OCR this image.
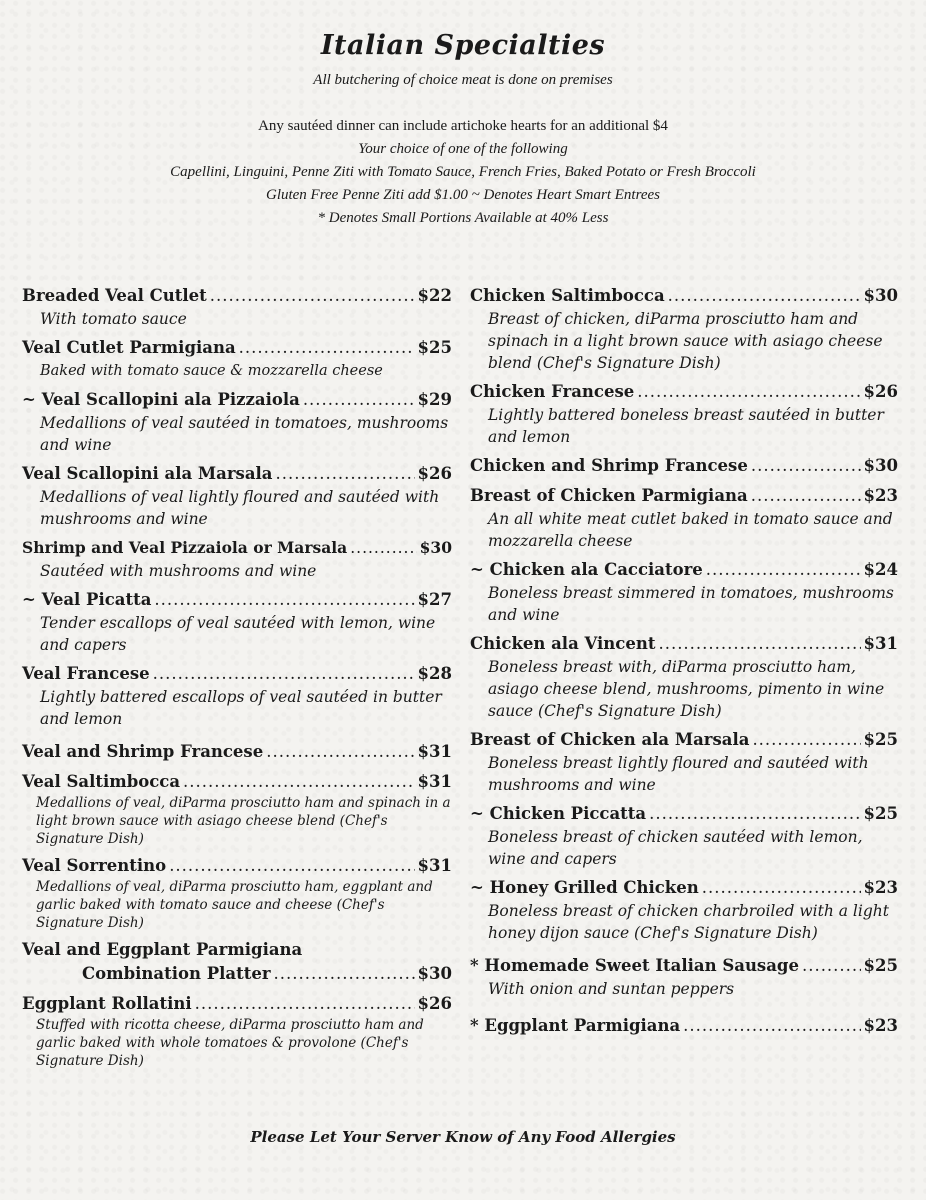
Italian Specialties
All butchering of choice meat is done on premises

Any sautéed dinner can include artichoke hearts for an additional $4
Your choice of one of the following
Capellini, Linguini, Penne Ziti with Tomato Sauce, French Fries, Baked Potato or Fresh Broccoli
Gluten Free Penne Ziti add $1.00 ~ Denotes Heart Smart Entrees
* Denotes Small Portions Available at 40% Less
Breaded Veal Cutlet .....	$22
With tomato sauce
Veal Cutlet Parmigiana .....	$25
Baked with tomato sauce & mozzarella cheese
~ Veal Scallopini ala Pizzaiola .....	$29
Medallions of veal sautéed in tomatoes, mushrooms and wine
Veal Scallopini ala Marsala .....	$26
Medallions of veal lightly floured and sautéed with mushrooms and wine
Shrimp and Veal Pizzaiola or Marsala .....	$30
Sautéed with mushrooms and wine
~ Veal Picatta .....	$27
Tender escallops of veal sautéed with lemon, wine and capers
Veal Francese .....	$28
Lightly battered escallops of veal sautéed in butter and lemon
Veal and Shrimp Francese .....	$31
Veal Saltimbocca .....	$31
Medallions of veal, diParma prosciutto ham and spinach in a light brown sauce with asiago cheese blend (Chef's Signature Dish)
Veal Sorrentino .....	$31
Medallions of veal, diParma prosciutto ham, eggplant and garlic baked with tomato sauce and cheese (Chef's Signature Dish)
Veal and Eggplant Parmigiana
Combination Platter .....	$30
Eggplant Rollatini .....	$26
Stuffed with ricotta cheese, diParma prosciutto ham and garlic baked with whole tomatoes & provolone (Chef's Signature Dish)
Chicken Saltimbocca .....	$30
Breast of chicken, diParma prosciutto ham and spinach in a light brown sauce with asiago cheese blend (Chef's Signature Dish)
Chicken Francese .....	$26
Lightly battered boneless breast sautéed in butter and lemon
Chicken and Shrimp Francese .....	$30
Breast of Chicken Parmigiana .....	$23
An all white meat cutlet baked in tomato sauce and mozzarella cheese
~ Chicken ala Cacciatore .....	$24
Boneless breast simmered in tomatoes, mushrooms and wine
Chicken ala Vincent .....	$31
Boneless breast with, diParma prosciutto ham, asiago cheese blend, mushrooms, pimento in wine sauce (Chef's Signature Dish)
Breast of Chicken ala Marsala .....	$25
Boneless breast lightly floured and sautéed with mushrooms and wine
~ Chicken Piccatta .....	$25
Boneless breast of chicken sautéed with lemon, wine and capers
~ Honey Grilled Chicken .....	$23
Boneless breast of chicken charbroiled with a light honey dijon sauce (Chef's Signature Dish)
* Homemade Sweet Italian Sausage .....	$25
With onion and suntan peppers
* Eggplant Parmigiana .....	$23
Please Let Your Server Know of Any Food Allergies
